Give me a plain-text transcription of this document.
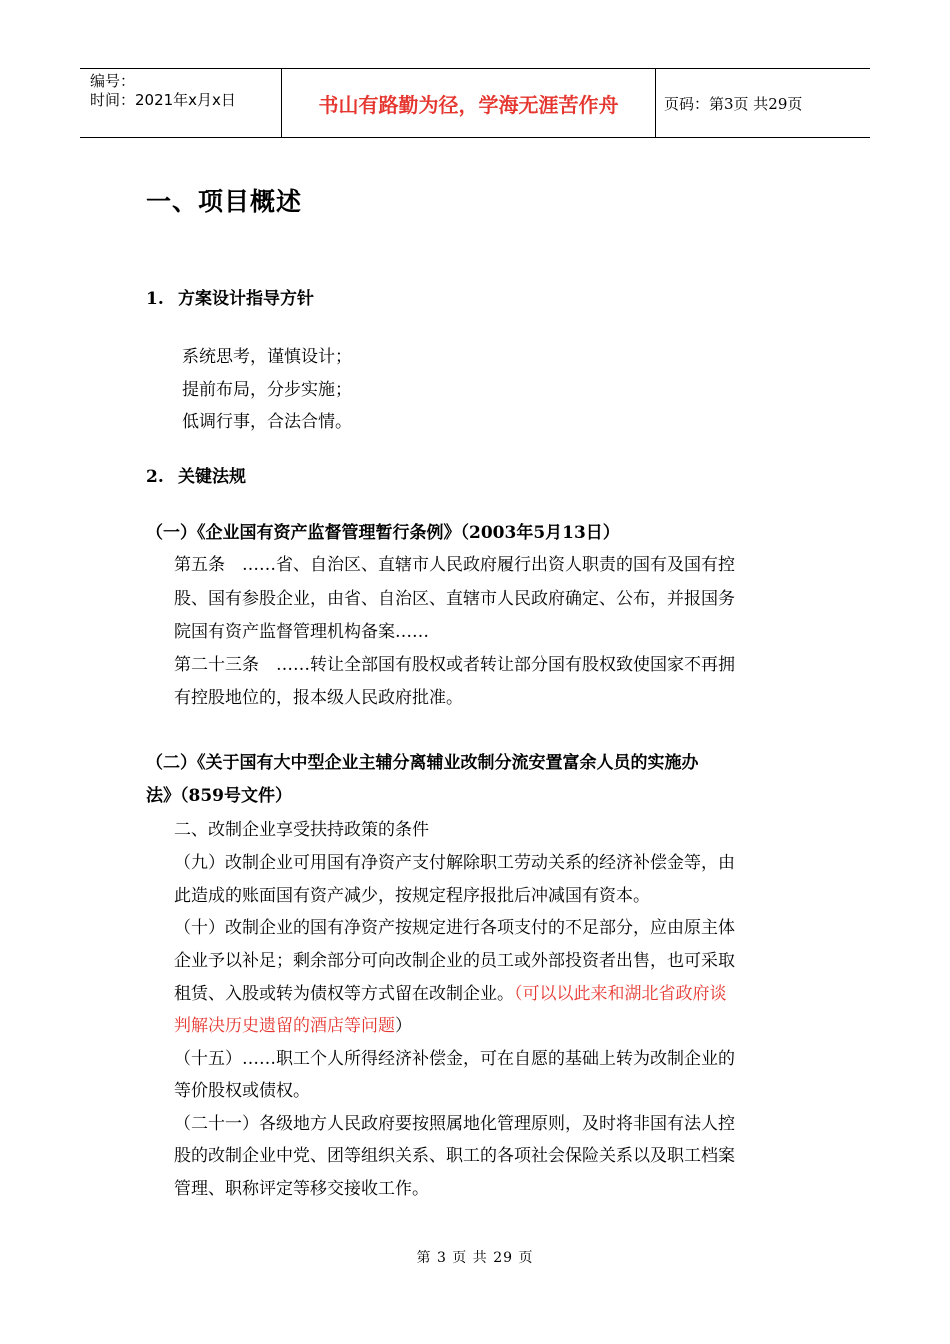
编号：
时间：2021年x月x日	书山有路勤为径，学海无涯苦作舟	页码：第3页 共29页
一、项目概述

1. 方案设计指导方针

系统思考，谨慎设计；

提前布局，分步实施；

低调行事，合法合情。

2. 关键法规

（一）《企业国有资产监督管理暂行条例》（2003年5月13日）

第五条　……省、自治区、直辖市人民政府履行出资人职责的国有及国有控

股、国有参股企业，由省、自治区、直辖市人民政府确定、公布，并报国务

院国有资产监督管理机构备案……

第二十三条　……转让全部国有股权或者转让部分国有股权致使国家不再拥

有控股地位的，报本级人民政府批准。

（二）《关于国有大中型企业主辅分离辅业改制分流安置富余人员的实施办

法》（859号文件）

二、改制企业享受扶持政策的条件

（九）改制企业可用国有净资产支付解除职工劳动关系的经济补偿金等，由

此造成的账面国有资产减少，按规定程序报批后冲减国有资本。

（十）改制企业的国有净资产按规定进行各项支付的不足部分，应由原主体

企业予以补足；剩余部分可向改制企业的员工或外部投资者出售，也可采取

租赁、入股或转为债权等方式留在改制企业。（可以以此来和湖北省政府谈

判解决历史遗留的酒店等问题）

（十五）……职工个人所得经济补偿金，可在自愿的基础上转为改制企业的

等价股权或债权。

（二十一）各级地方人民政府要按照属地化管理原则，及时将非国有法人控

股的改制企业中党、团等组织关系、职工的各项社会保险关系以及职工档案

管理、职称评定等移交接收工作。

第 3 页 共 29 页
